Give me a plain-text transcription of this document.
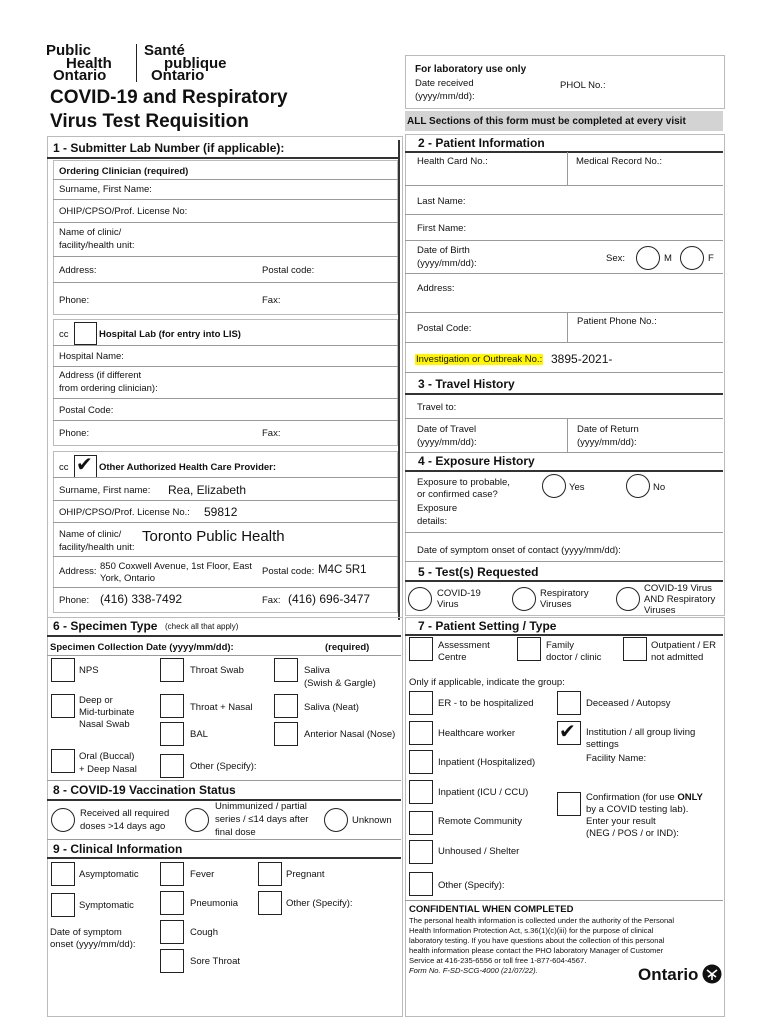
Public
Health
Ontario
Santé
publique
Ontario
COVID-19 and Respiratory
Virus Test Requisition
For laboratory use only
Date received
(yyyy/mm/dd):
PHOL No.:
ALL Sections of this form must be completed at every visit
1 - Submitter Lab Number (if applicable):
Ordering Clinician (required)
Surname, First Name:
OHIP/CPSO/Prof. License No:
Name of clinic/
facility/health unit:
Address:	Postal code:
Phone:	Fax:
cc	Hospital Lab (for entry into LIS)
Hospital Name:
Address (if different
from ordering clinician):
Postal Code:
Phone:	Fax:
cc ✔ Other Authorized Health Care Provider:
Surname, First name: Rea, Elizabeth
OHIP/CPSO/Prof. License No.: 59812
Name of clinic/
facility/health unit:
Toronto Public Health
Address: 850 Coxwell Avenue, 1st Floor, East
York, Ontario
Postal code: M4C 5R1
Phone: (416) 338-7492	Fax: (416) 696-3477
2 - Patient Information
Health Card No.:	Medical Record No.:
Last Name:
First Name:
Date of Birth
(yyyy/mm/dd):	Sex:	M	F
Address:
Postal Code:
Patient Phone No.:
Investigation or Outbreak No.: 3895-2021-
3 - Travel History
Travel to:
Date of Travel
(yyyy/mm/dd):
Date of Return
(yyyy/mm/dd):
4 - Exposure History
Exposure to probable,
or confirmed case?
Yes	No
Exposure
details:
Date of symptom onset of contact (yyyy/mm/dd):
5 - Test(s) Requested
COVID-19
Virus
Respiratory
Viruses
COVID-19 Virus
AND Respiratory
Viruses
6 - Specimen Type (check all that apply)
Specimen Collection Date (yyyy/mm/dd):	(required)
NPS	Throat Swab	Saliva
(Swish & Gargle)
Deep or
Mid-turbinate
Nasal Swab
Throat + Nasal	Saliva (Neat)
BAL	Anterior Nasal (Nose)
Oral (Buccal)
+ Deep Nasal	Other (Specify):
8 - COVID-19 Vaccination Status
Received all required
doses >14 days ago
Unimmunized / partial
series / ≤14 days after
final dose
Unknown
9 - Clinical Information
Asymptomatic	Fever	Pregnant
Symptomatic	Pneumonia	Other (Specify):
Date of symptom
onset (yyyy/mm/dd):
Cough
Sore Throat
7 - Patient Setting / Type
Assessment
Centre
Family
doctor / clinic
Outpatient / ER
not admitted
Only if applicable, indicate the group:
ER - to be hospitalized	Deceased / Autopsy
Healthcare worker ✔ Institution / all group living
settings
Facility Name:
Inpatient (Hospitalized)
Inpatient (ICU / CCU)	Confirmation (for use ONLY
by a COVID testing lab).
Enter your result
(NEG / POS / or IND):
Remote Community
Unhoused / Shelter
Other (Specify):
CONFIDENTIAL WHEN COMPLETED
The personal health information is collected under the authority of the Personal
Health Information Protection Act, s.36(1)(c)(iii) for the purpose of clinical
laboratory testing. If you have questions about the collection of this personal
health information please contact the PHO laboratory Manager of Customer
Service at 416-235-6556 or toll free 1-877-604-4567.
Form No. F-SD-SCG-4000 (21/07/22).	Ontario
